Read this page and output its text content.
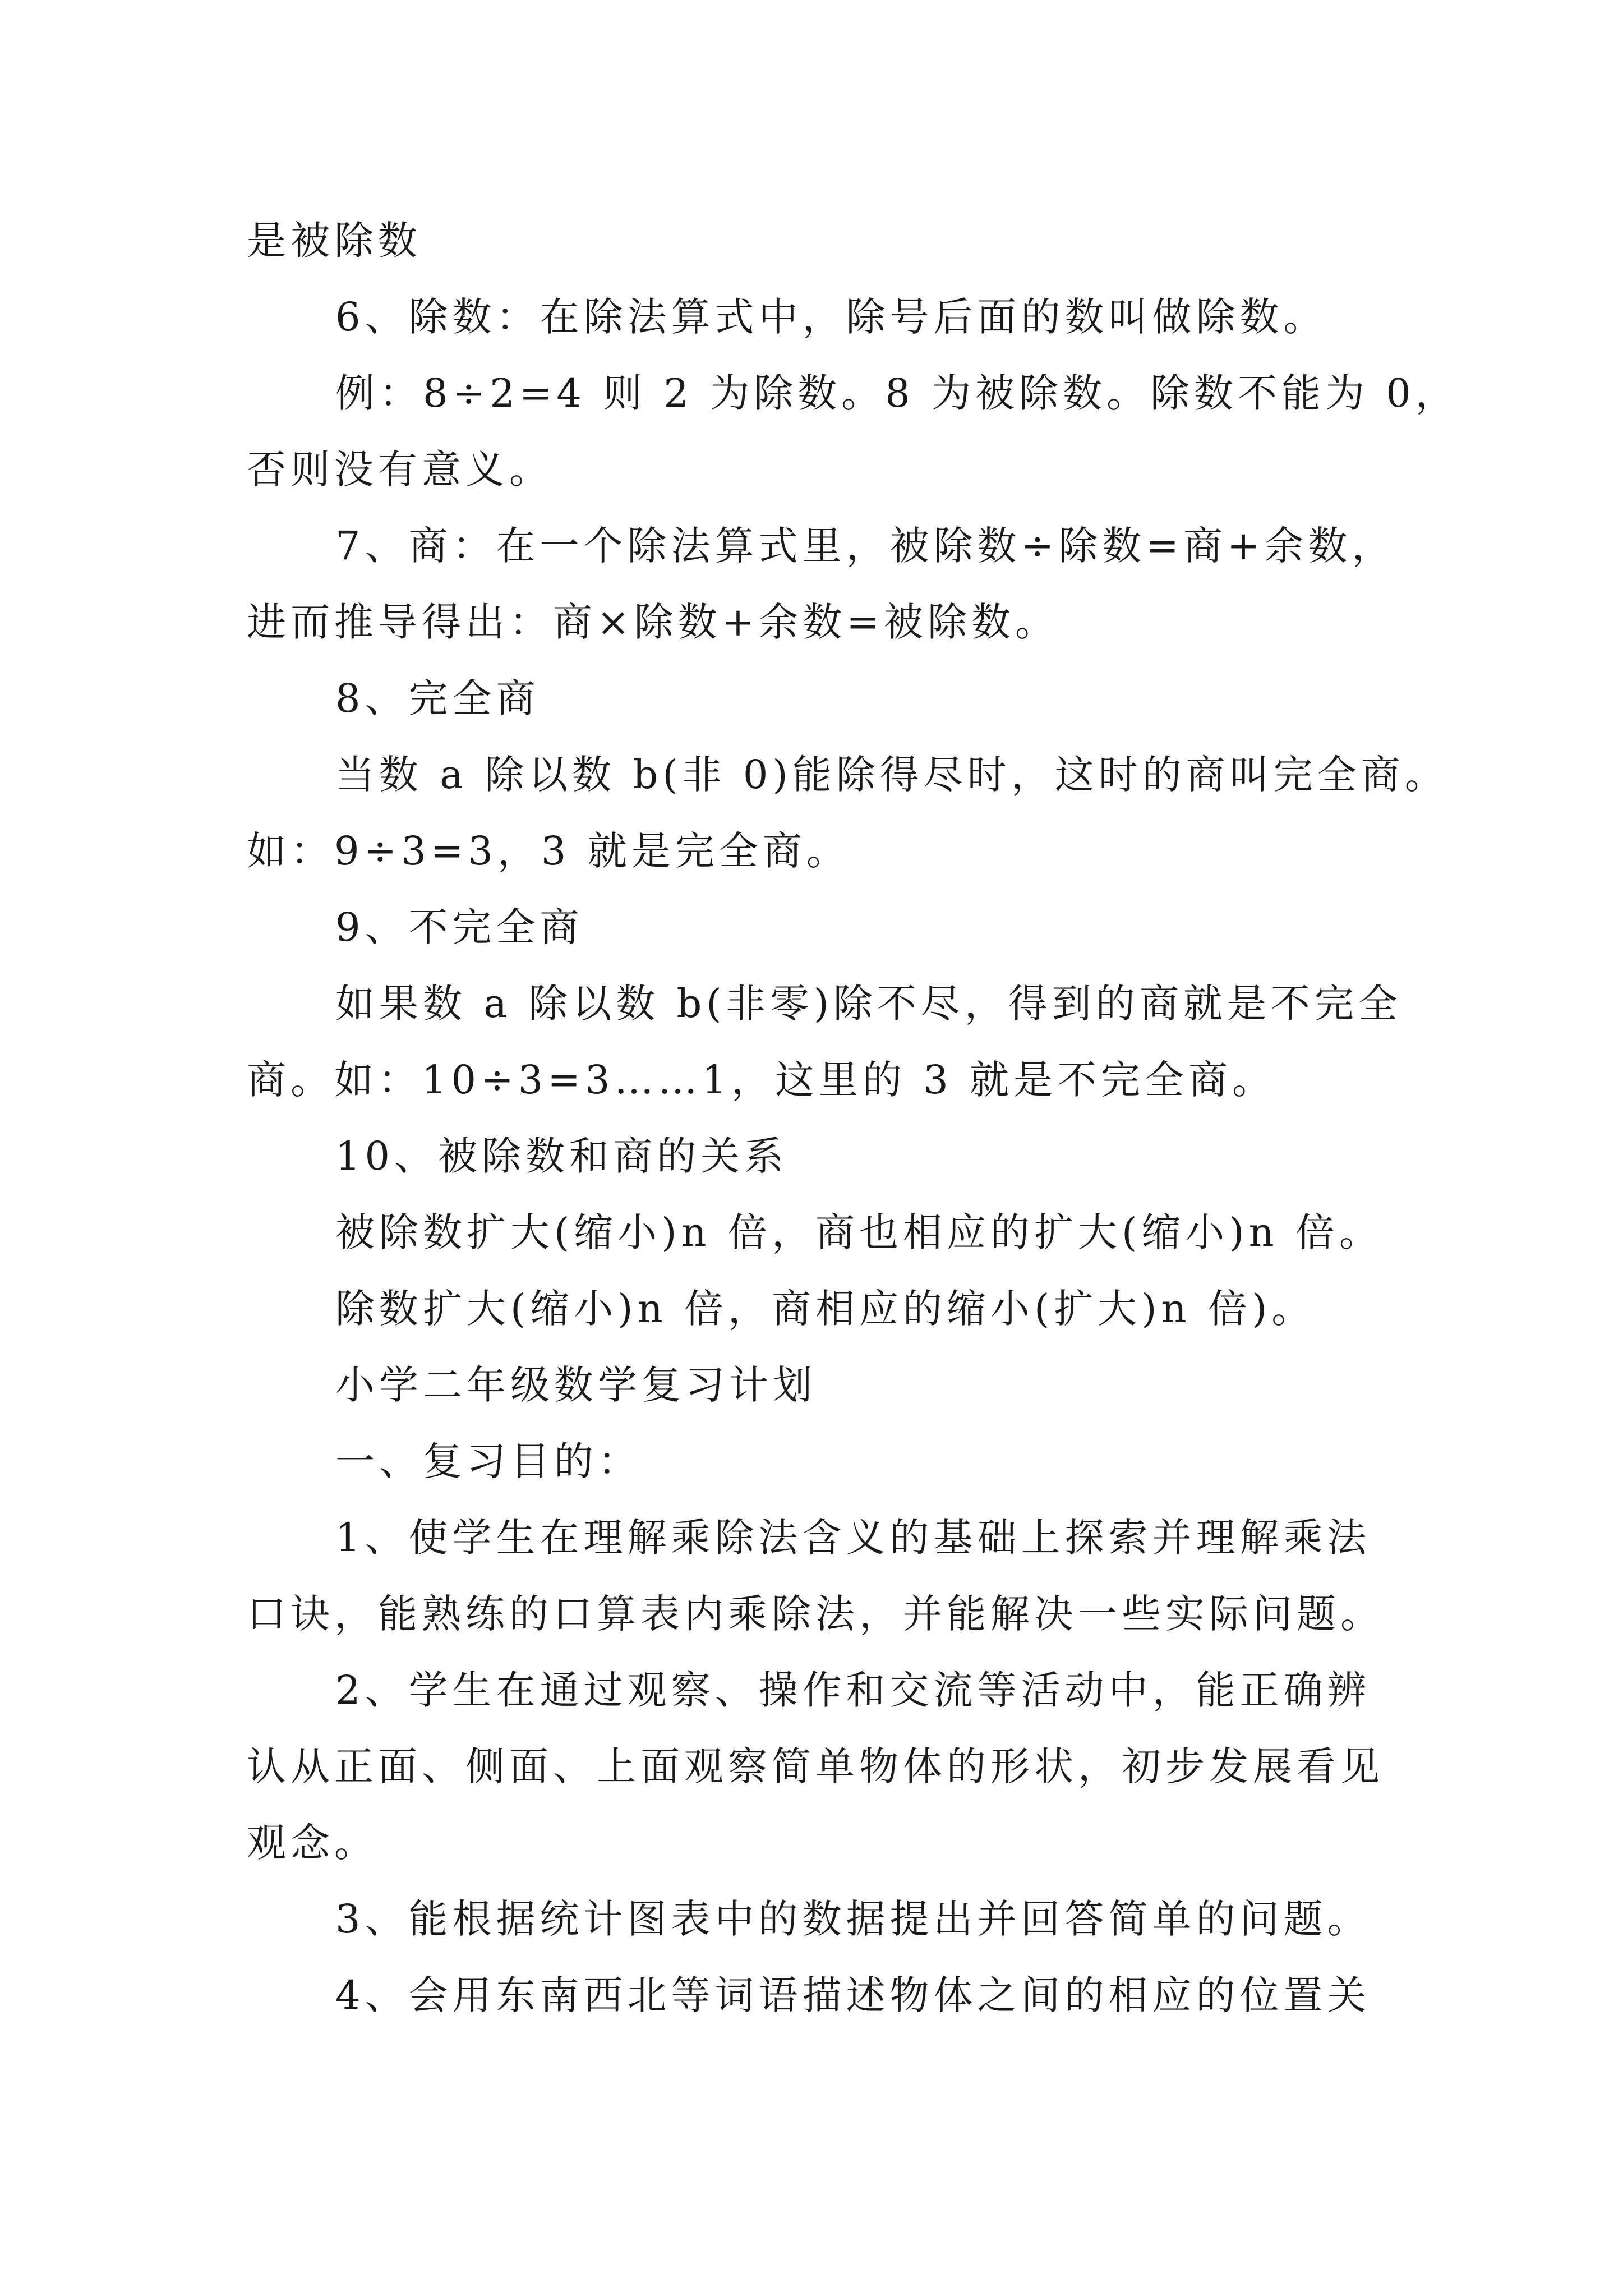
是被除数
6、除数：在除法算式中，除号后面的数叫做除数。
例：8÷2=4 则 2 为除数。8 为被除数。除数不能为 0，
否则没有意义。
7、商：在一个除法算式里，被除数÷除数=商+余数，
进而推导得出：商×除数+余数=被除数。
8、完全商
当数 a 除以数 b(非 0)能除得尽时，这时的商叫完全商。
如：9÷3=3，3 就是完全商。
9、不完全商
如果数 a 除以数 b(非零)除不尽，得到的商就是不完全
商。如：10÷3=3……1，这里的 3 就是不完全商。
10、被除数和商的关系
被除数扩大(缩小)n 倍，商也相应的扩大(缩小)n 倍。
除数扩大(缩小)n 倍，商相应的缩小(扩大)n 倍)。
小学二年级数学复习计划
一、复习目的：
1、使学生在理解乘除法含义的基础上探索并理解乘法
口诀，能熟练的口算表内乘除法，并能解决一些实际问题。
2、学生在通过观察、操作和交流等活动中，能正确辨
认从正面、侧面、上面观察简单物体的形状，初步发展看见
观念。
3、能根据统计图表中的数据提出并回答简单的问题。
4、会用东南西北等词语描述物体之间的相应的位置关
